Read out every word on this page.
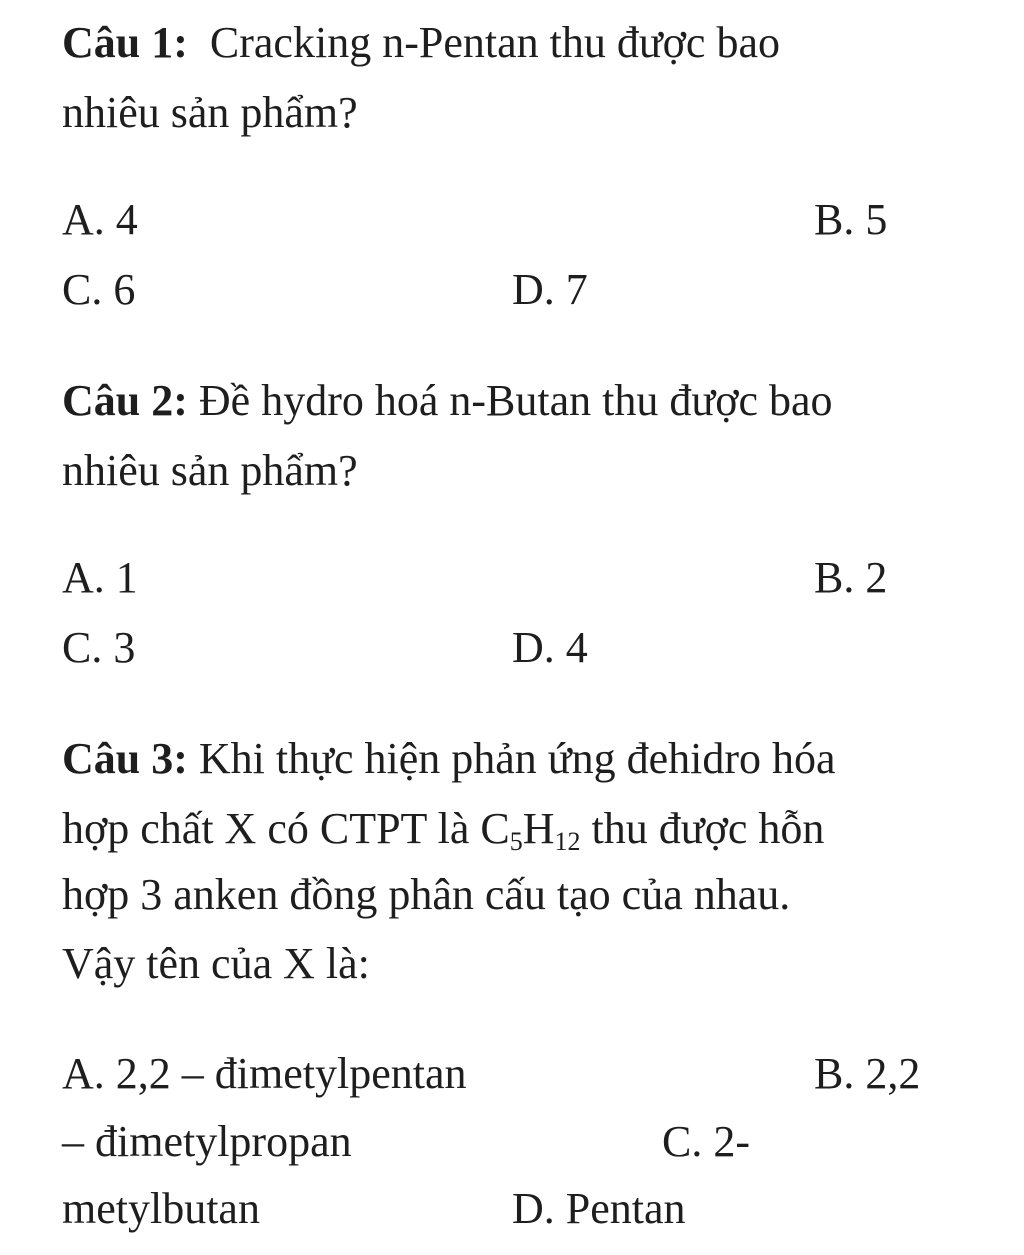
Câu 1: Cracking n-Pentan thu được bao
nhiêu sản phẩm?
A. 4	B. 5
C. 6	D. 7
Câu 2: Đề hydro hoá n-Butan thu được bao
nhiêu sản phẩm?
A. 1	B. 2
C. 3	D. 4
Câu 3: Khi thực hiện phản ứng đehidro hóa
hợp chất X có CTPT là $C_5H_{12}$ thu được hỗn
hợp 3 anken đồng phân cấu tạo của nhau.
Vậy tên của X là:
A. 2,2 – đimetylpentan	B. 2,2
– đimetylpropan	C. 2-
metylbutan	D. Pentan
